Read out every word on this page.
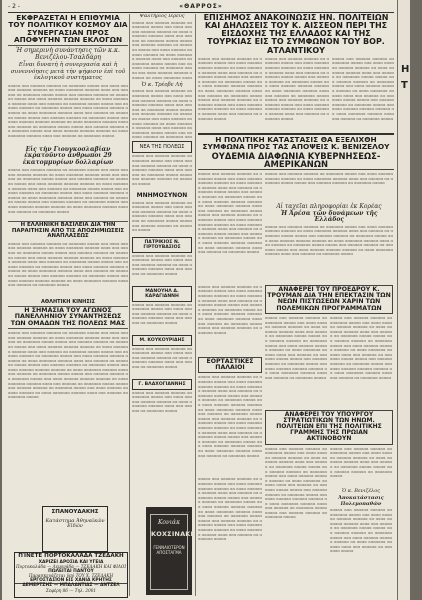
- 2 -	«ΘΑΡΡΟΣ»
ΕΚΦΡΑΖΕΤΑΙ Η ΕΠΙΘΥΜΙΑ ΤΟΥ ΠΟΛΙΤΙΚΟΥ ΚΟΣΜΟΥ ΔΙΑ ΣΥΝΕΡΓΑΣΙΑΝ ΠΡΟΣ ΑΠΟΦΥΓΗΝ ΤΩΝ ΕΚΛΟΓΩΝ
Ἡ σημερινὴ συνάντησις τῶν κ.κ. Βενιζέλου-Τσαλδάρη
Εἶναι δυνατὴ ἡ συνεργασία καὶ ἡ συνεννόησις μετὰ τὴν ψήφισιν ἐπὶ τοῦ ἐκλογικοῦ συστήματος
ααααα ααα αααααα αααααα αα ααααααα ααααα ααα αααα αααααα αααααα αααααα αα αααα ααααααα αααααα αααα ααα αααααα αα ααααααα ααααα ααααα ααα αααααα αααααα αα ααααααα ααααα ααα αααα αααααα αααααα αααααα αα αααα ααααααα αααααα αααα ααα αααααα αα ααααααα ααααα ααααα ααα αααααα αααααα αα ααααααα ααααα ααα αααα αααααα αααααα αααααα αα αααα ααααααα αααααα αααα ααα αααααα αα ααααααα ααααα ααααα ααα αααααα αααααα αα ααααααα ααααα ααα αααα αααααα αααααα αααααα αα αααα ααααααα αααααα αααα ααα αααααα αα ααααααα ααααα ααααα ααα αααααα αααααα αα ααααααα ααααα ααα αααα αααααα αααααα αααααα αα αααα ααααααα αααααα αααα ααα αααααα αα ααααααα ααααα
Εἰς τὴν Γιουγκοσλαβίαν ἐκρατοῦντο ἄνθρωποι 29 ἑκατομμυρίων δολλαρίων
ααααα ααα αααααα αααααα αα ααααααα ααααα ααα αααα αααααα αααααα αααααα αα αααα ααααααα αααααα αααα ααα αααααα αα ααααααα ααααα ααααα ααα αααααα αααααα αα ααααααα ααααα ααα αααα αααααα αααααα αααααα αα αααα ααααααα αααααα αααα ααα αααααα αα ααααααα ααααα ααααα ααα αααααα αααααα αα ααααααα ααααα ααα αααα αααααα αααααα αααααα αα αααα ααααααα αααααα αααα ααα αααααα αα ααααααα ααααα ααααα ααα αααααα αααααα αα ααααααα ααααα ααα αααα αααααα αααααα αααααα αα αααα ααααααα αααααα αααα ααα αααααα αα ααααααα ααααα
Η ΕΛΛΗΝΙΚΗ ΒΑΣΙΛΕΙΑ ΔΙΑ ΤΗΝ ΠΑΡΑΙΤΗΣΙΝ ΑΠΟ ΤΙΣ ΑΠΟΖΗΜΙΩΣΕΙΣ ΑΝΑΠΛΑΣΕΩΣ
ααααα ααα αααααα αααααα αα ααααααα ααααα ααα αααα αααααα αααααα αααααα αα αααα ααααααα αααααα αααα ααα αααααα αα ααααααα ααααα ααααα ααα αααααα αααααα αα ααααααα ααααα ααα αααα αααααα αααααα αααααα αα αααα ααααααα αααααα αααα ααα αααααα αα ααααααα ααααα ααααα ααα αααααα αααααα αα ααααααα ααααα ααα αααα αααααα αααααα αααααα αα αααα ααααααα αααααα αααα ααα αααααα αα ααααααα ααααα ααααα ααα αααααα αααααα αα ααααααα ααααα ααα αααα αααααα αααααα αααααα αα αααα ααααααα αααααα αααα ααα αααααα αα ααααααα ααααα
ΑΘΛΗΤΙΚΗ ΚΙΝΗΣΙΣ
Η ΣΗΜΑΣΙΑ ΤΟΥ ΑΓΩΝΟΣ ΠΑΝΕΛΛΗΝΙΟΥ ΣΥΝΑΝΤΗΣΕΩΣ ΤΩΝ ΟΜΑΔΩΝ ΤΗΣ ΠΟΛΕΩΣ ΜΑΣ
ααααα ααα αααααα αααααα αα ααααααα ααααα ααα αααα αααααα αααααα αααααα αα αααα ααααααα αααααα αααα ααα αααααα αα ααααααα ααααα ααααα ααα αααααα αααααα αα ααααααα ααααα ααα αααα αααααα αααααα αααααα αα αααα ααααααα αααααα αααα ααα αααααα αα ααααααα ααααα ααααα ααα αααααα αααααα αα ααααααα ααααα ααα αααα αααααα αααααα αααααα αα αααα ααααααα αααααα αααα ααα αααααα αα ααααααα ααααα ααααα ααα αααααα αααααα αα ααααααα ααααα ααα αααα αααααα αααααα αααααα αα αααα ααααααα αααααα αααα ααα αααααα αα ααααααα ααααα ααααα ααα αααααα αααααα αα ααααααα ααααα ααα αααα αααααα αααααα αααααα αα αααα ααααααα αααααα αααα ααα αααααα αα ααααααα ααααα ααααα ααα αααααα αααααα αα ααααααα ααααα ααα αααα αααααα αααααα αααααα αα αααα ααααααα αααααα αααα ααα αααααα αα ααααααα ααααα
ΣΠΑΝΟΥΔΑΚΗΣ
Κατάστημα Ἀθηναϊκῶν Εἰδῶν
ΠΊΝΕΤΕ ΠΟΡΤΟΚΑΛΆΔΑ ΤΖΕΔΑΚΗ
ΧΑΡΙΖΕΙ ΔΡΟΣΙΑ ΚΑΙ ΥΓΕΙΑ
Πορτοκαλάδα — Λεμονάδα — ΤΖΕΔΑΚΗ ΚΑΙ ΦΙΛΟΙ
ΠΩΛΕΙΤΑΙ ΠΑΝΤΟΥ
Παρασκευάζεται ὑπό ΤΟΥ Χ. ΤΖΕΔΑΚΗ
ΕΡΓΟΣΤΑΣΙΟΝ ΕΙΣ ΧΑΝΙΑ ΚΡΗΤΗΣ
ΔΕΜΕΡΤΖΗΣ — ΜΠΑΛΑΝΤΙΑΣ — ΑΝΤΖΕΛ
Σεφέρη 86 — Τηλ. 2001
Κονιάκ
ΚΟΧΣΙΝΑΚΗ
ΓΕΝΝΑΙΟΤΕΡΟΝ ΑΠΟΣΤΑΓΜΑ
Ψαλτήριος Ιερεύς
ααααα ααα αααααα αααααα αα ααααααα ααααα ααα αααα αααααα αααααα αααααα αα αααα ααααααα αααααα αααα ααα αααααα αα ααααααα ααααα ααααα ααα αααααα αααααα αα ααααααα ααααα ααα αααα αααααα αααααα αααααα αα αααα ααααααα αααααα αααα ααα αααααα αα ααααααα ααααα ααααα ααα αααααα αααααα αα ααααααα ααααα ααα αααα αααααα αααααα αααααα αα αααα ααααααα αααα
Ὁ κ. Τρέοβε Λή
ααααα ααα αααααα αααααα αα ααααααα ααααα ααα αααα αααααα αααααα αααααα αα αααα ααααααα αααααα αααα ααα αααααα αα ααααααα ααααα ααααα ααα αααααα αααααα αα ααααααα ααααα ααα αααα αααααα αααααα αααααα αα αααα ααααααα αααααα αααα ααα αααααα αα ααααααα ααααα ααααα ααα αααααα αααααα αα ααααααα ααα
ΝΕΑ ΤΗΣ ΠΟΛΕΩΣ
ααααα ααα αααααα αααααα αα ααααααα ααααα ααα αααα αααααα αααααα αααααα αα αααα ααααααα αααααα αααα ααα αααααα αα ααααααα ααααα ααααα ααα αααααα αααααα αα ααααααα ααααα
ΜΝΗΜΟΣΥΝΟΝ
ααααα ααα αααααα αααααα αα ααααααα ααααα ααα αααα αααααα αααααα αααααα αα αααα ααααααα αααααα αααα ααα αααααα αα ααααααα ααααα ααααα ααα αααααα αααααα αα ααααααα ααααα
ΠΑΤΡΙΚΙΟΣ Ν. ΓΙΡΤΟΥΒΑΣΙΟΣ
ααααα ααα αααααα αααααα αα ααααααα ααααα ααα αααα αααααα αααααα αααααα αα αααα ααααααα αααααα αααα ααα αααααα αα ααααααα ααααα
ΜΑΝΟΥΗΛ Δ. ΚΑΡΑΓΙΑΝΝΗ
ααααα ααα αααααα αααααα αα ααααααα ααααα ααα αααα αααααα αααααα αααααα αα αααα ααααααα αααααα αααα ααα αααααα αα ααααααα ααααα
Μ. ΚΟΥΚΟΥΡΙΔΗΣ
ααααα ααα αααααα αααααα αα ααααααα ααααα ααα αααα αααααα αααααα αααααα αα αααα ααααααα αααααα αααα ααα αααααα αα ααααααα ααααα
Γ. ΒΛΑΧΟΓΙΑΝΝΗΣ
ααααα ααα αααααα αααααα αα ααααααα ααααα ααα αααα αααααα αααααα αααααα αα αααα ααααααα αααααα αααα ααα αααααα αα ααααααα ααααα
ΕΠΙΣΗΜΟΣ ΑΝΑΚΟΙΝΩΣΙΣ ΗΝ. ΠΟΛΙΤΕΙΩΝ ΚΑΙ ΔΗΛΩΣΕΙΣ ΤΟΥ Κ. ΑΙΣΣΕΟΝ ΠΕΡΙ ΤΗΣ ΕΙΣΔΟΧΗΣ ΤΗΣ ΕΛΛΑΔΟΣ ΚΑΙ ΤΗΣ ΤΟΥΡΚΙΑΣ ΕΙΣ ΤΟ ΣΥΜΦΩΝΟΝ ΤΟΥ ΒΟΡ. ΑΤΛΑΝΤΙΚΟΥ
ααααα ααα αααααα αααααα αα ααααααα ααααα ααα αααα αααααα αααααα αααααα αα αααα ααααααα αααααα αααα ααα αααααα αα ααααααα ααααα ααααα ααα αααααα αααααα αα ααααααα ααααα ααα αααα αααααα αααααα αααααα αα αααα ααααααα αααααα αααα ααα αααααα αα ααααααα ααααα ααααα ααα αααααα αααααα αα ααααααα ααααα ααα αααα αααααα αααααα αααααα αα αααα ααααααα αααααα αααα ααα αααααα αα ααααααα ααααα
ααααα ααα αααααα αααααα αα ααααααα ααααα ααα αααα αααααα αααααα αααααα αα αααα ααααααα αααααα αααα ααα αααααα αα ααααααα ααααα ααααα ααα αααααα αααααα αα ααααααα ααααα ααα αααα αααααα αααααα αααααα αα αααα ααααααα αααααα αααα ααα αααααα αα ααααααα ααααα ααααα ααα αααααα αααααα αα ααααααα ααααα ααα αααα αααααα αααααα αααααα αα αααα ααααααα αααααα αααα ααα αααααα αα ααααααα ααααα
ααααα ααα αααααα αααααα αα ααααααα ααααα ααα αααα αααααα αααααα αααααα αα αααα ααααααα αααααα αααα ααα αααααα αα ααααααα ααααα ααααα ααα αααααα αααααα αα ααααααα ααααα ααα αααα αααααα αααααα αααααα αα αααα ααααααα αααααα αααα ααα αααααα αα ααααααα ααααα ααααα ααα αααααα αααααα αα ααααααα ααααα ααα αααα αααααα αααααα αααααα αα αααα ααααααα αααααα αααα ααα αααααα αα ααααααα ααααα
Η ΠΟΛΙΤΙΚΗ ΚΑΤΑΣΤΑΣΙΣ ΘΑ ΕΞΕΛΙΧΘΗ ΣΥΜΦΩΝΑ ΠΡΟΣ ΤΑΣ ΑΠΟΨΕΙΣ Κ. ΒΕΝΙΖΕΛΟΥ
ΟΥΔΕΜΙΑ ΔΙΑΦΩΝΙΑ ΚΥΒΕΡΝΗΣΕΩΣ-ΑΜΕΡΙΚΑΝΩΝ
ααααα ααα αααααα αααααα αα ααααααα ααααα ααα αααα αααααα αααααα αααααα αα αααα ααααααα αααααα αααα ααα αααααα αα ααααααα ααααα ααααα ααα αααααα αααααα αα ααααααα ααααα ααα αααα αααααα αααααα αααααα αα αααα ααααααα αααααα αααα ααα αααααα αα ααααααα ααααα ααααα ααα αααααα αααααα αα ααααααα ααααα ααα αααα αααααα αααααα αααααα αα αααα ααααααα αααααα αααα ααα αααααα αα ααααααα ααααα ααααα ααα αααααα αααααα αα ααααααα ααααα ααα αααα αααααα αααααα αααααα αα αααα ααααααα αααααα αααα ααα αααααα αα ααααααα ααααα
ααααα ααα αααααα αααααα αα ααααααα ααααα ααα αααα αααααα αααααα αααααα αα αααα ααααααα αααααα αααα ααα αααααα αα ααααααα ααααα ααααα ααα αααααα αααααα αα ααααααα ααααα
Αἱ ταχεῖαι πληροφορίαι ἐκ Κορέας
Ἡ Ἀρέσα τῶν δυνάμεων τῆς Ἑλλάδος
ααααα ααα αααααα αααααα αα ααααααα ααααα ααα αααα αααααα αααααα αααααα αα αααα ααααααα αααααα αααα ααα αααααα αα ααααααα ααααα ααααα ααα αααααα αααααα αα ααααααα ααααα ααα αααα αααααα αααααα αααααα αα αααα ααααααα αααααα αααα ααα αααααα αα ααααααα ααααα ααααα ααα αααααα αααααα αα ααααααα ααααα ααα αααα αααααα αααααα αααααα αα αααα ααααααα αααααα αααα ααα αααααα αα ααααααα ααααα
ααααα ααα αααααα αααααα αα ααααααα ααααα ααα αααα αααααα αααααα αααααα αα αααα ααααααα αααααα αααα ααα αααααα αα ααααααα ααααα ααααα ααα αααααα αααααα αα ααααααα ααααα ααα αααα αααααα αααααα αααααα αα αααα ααααααα αααααα αααα ααα αααααα αα ααααααα ααααα ααααα ααα αααααα αααααα αα ααααααα ααααα
ΕΟΡΤΑΣΤΙΚΕΣ ΠΑΛΑΙΟΙ
ααααα ααα αααααα αααααα αα ααααααα ααααα ααα αααα αααααα αααααα αααααα αα αααα ααααααα αααααα αααα ααα αααααα αα ααααααα ααααα ααααα ααα αααααα αααααα αα ααααααα ααααα ααα αααα αααααα αααααα αααααα αα αααα ααααααα αααααα αααα ααα αααααα αα ααααααα ααααα ααααα ααα αααααα αααααα αα ααααααα ααααα ααα αααα αααααα αααααα αααααα αα αααα ααααααα αααααα αααα ααα αααααα αα ααααααα ααααα ααααα ααα αααααα αααααα αα ααααααα ααααα ααα αααα αααααα αααααα αααααα αα αααα ααααααα αααααα αααα ααα αααααα αα ααααααα ααααα
ααααα ααα αααααα αααααα αα ααααααα ααααα ααα αααα αααααα αααααα αααααα αα αααα ααααααα αααααα αααα ααα αααααα αα ααααααα ααααα ααααα ααα αααααα αααααα αα ααααααα ααααα ααα αααα αααααα αααααα αααααα αα αααα ααααααα αααααα αααα ααα αααααα αα ααααααα ααααα ααααα ααα αααααα αααααα αα ααααααα ααααα ααα αααα αααααα αααααα αααααα αα αααα ααααααα αααααα αααα ααα αααααα αα ααααααα ααααα
ΑΝΑΦΕΡΕΙ ΤΟΥ ΠΡΟΕΔΡΟΥ Κ. ΤΡΟΥΜΑΝ ΔΙΑ ΤΗΝ ΕΠΕΚΤΑΣΙΝ ΤΩΝ ΝΕΩΝ ΠΙΣΤΩΣΕΩΝ ΧΑΡΙΝ ΤΩΝ ΠΟΛΕΜΙΚΩΝ ΠΡΟΓΡΑΜΜΑΤΩΝ
ααααα ααα αααααα αααααα αα ααααααα ααααα ααα αααα αααααα αααααα αααααα αα αααα ααααααα αααααα αααα ααα αααααα αα ααααααα ααααα ααααα ααα αααααα αααααα αα ααααααα ααααα ααα αααα αααααα αααααα αααααα αα αααα ααααααα αααααα αααα ααα αααααα αα ααααααα ααααα ααααα ααα αααααα αααααα αα ααααααα ααααα ααα αααα αααααα αααααα αααααα αα αααα ααααααα αααααα αααα ααα αααααα αα ααααααα ααααα
ααααα ααα αααααα αααααα αα ααααααα ααααα ααα αααα αααααα αααααα αααααα αα αααα ααααααα αααααα αααα ααα αααααα αα ααααααα ααααα ααααα ααα αααααα αααααα αα ααααααα ααααα ααα αααα αααααα αααααα αααααα αα αααα ααααααα αααααα αααα ααα αααααα αα ααααααα ααααα ααααα ααα αααααα αααααα αα ααααααα ααααα ααα αααα αααααα αααααα αααααα αα αααα ααααααα αααααα αααα ααα αααααα αα ααααααα ααααα
ΑΝΑΦΕΡΕΙ ΤΟΥ ΥΠΟΥΡΓΟΥ ΣΤΡΑΤΙΩΤΙΚΩΝ ΤΩΝ ΗΝΩΜ. ΠΟΛΙΤΕΙΩΝ ΕΠΙ ΤΗΣ ΠΟΛΙΤΙΚΗΣ ΓΡΑΜΜΗΣ ΤΗΣ ΠΡΩΙΑΝ ΑΚΤΙΝΟΒΟΥΝ
ααααα ααα αααααα αααααα αα ααααααα ααααα ααα αααα αααααα αααααα αααααα αα αααα ααααααα αααααα αααα ααα αααααα αα ααααααα ααααα ααααα ααα αααααα αααααα αα ααααααα ααααα ααα αααα αααααα αααααα αααααα αα αααα ααααααα αααααα αααα ααα αααααα αα ααααααα ααααα ααααα ααα αααααα αααααα αα ααααααα ααααα ααα αααα αααααα αααααα αααααα αα αααα ααααααα αααααα αααα ααα αααααα αα ααααααα ααααα ααααα ααα αααααα αααααα αα ααααααα ααααα
ααααα ααα αααααα αααααα αα ααααααα ααααα ααα αααα αααααα αααααα αααααα αα αααα ααααααα αααααα αααα ααα αααααα αα ααααααα ααααα ααααα ααα αααααα αααααα αα ααααααα ααααα
Ὁ κ. Βενιζέλος
Ἀποκατάστασις Πολεμοπαθῶν
ααααα ααα αααααα αααααα αα ααααααα ααααα ααα αααα αααααα αααααα αααααα αα αααα ααααααα αααααα αααα ααα αααααα αα ααααααα ααααα ααααα ααα αααααα αααααα αα ααααααα ααααα ααα αααα αααααα αααααα αααααα αα αααα ααααααα αααααα αααα ααα αααααα αα ααααααα ααααα
Η
Τ
